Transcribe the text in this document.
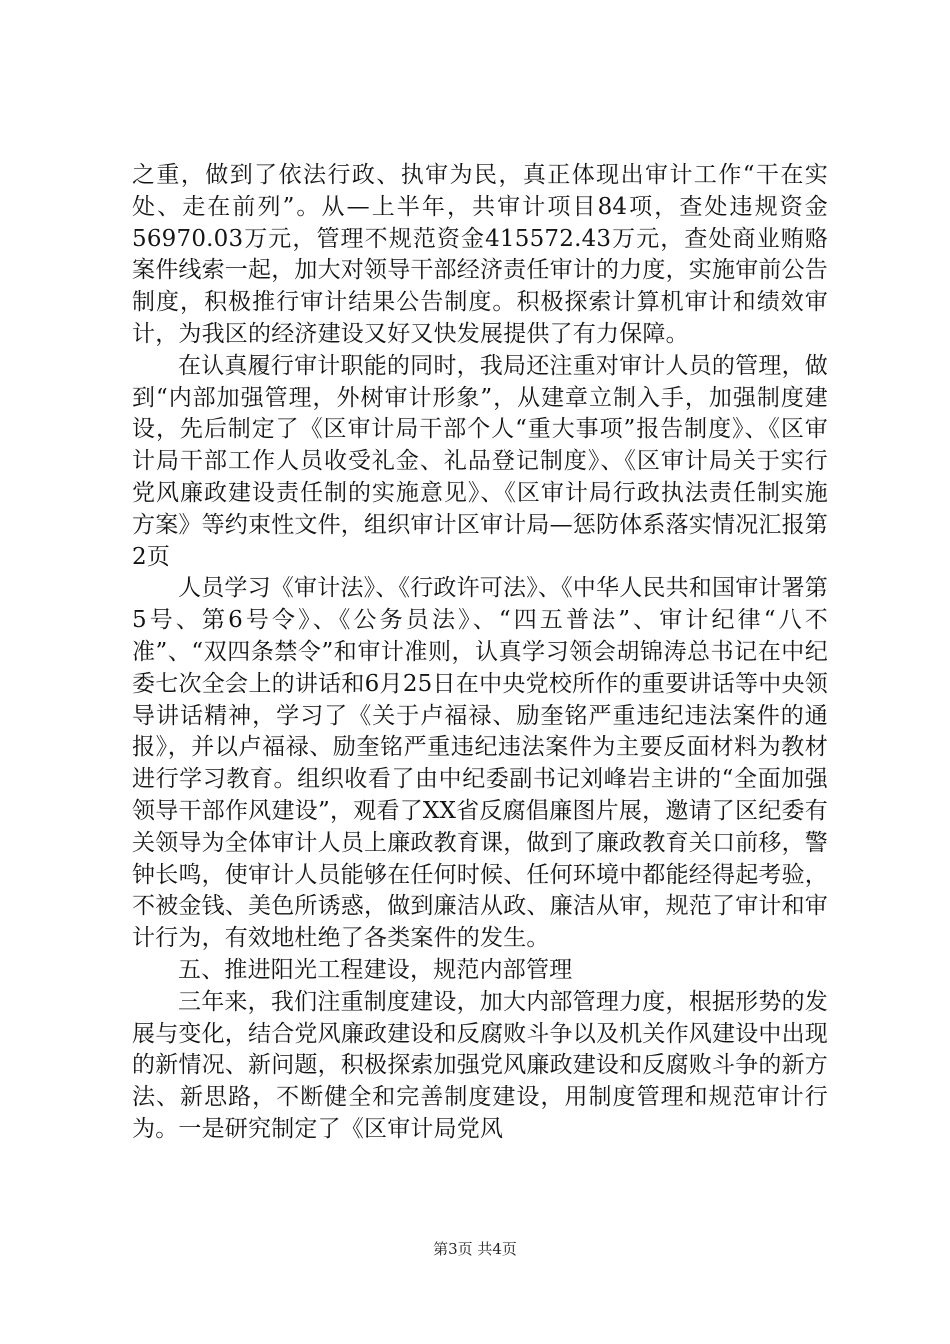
之重，做到了依法行政、执审为民，真正体现出审计工作“干在实处、走在前列”。从—上半年，共审计项目84项，查处违规资金56970.03万元，管理不规范资金415572.43万元，查处商业贿赂案件线索一起，加大对领导干部经济责任审计的力度，实施审前公告制度，积极推行审计结果公告制度。积极探索计算机审计和绩效审计，为我区的经济建设又好又快发展提供了有力保障。

在认真履行审计职能的同时，我局还注重对审计人员的管理，做到“内部加强管理，外树审计形象”，从建章立制入手，加强制度建设，先后制定了《区审计局干部个人“重大事项”报告制度》、《区审计局干部工作人员收受礼金、礼品登记制度》、《区审计局关于实行党风廉政建设责任制的实施意见》、《区审计局行政执法责任制实施方案》等约束性文件，组织审计区审计局—惩防体系落实情况汇报第2页

人员学习《审计法》、《行政许可法》、《中华人民共和国审计署第5号、第6号令》、《公务员法》、“四五普法”、审计纪律“八不准”、“双四条禁令”和审计准则，认真学习领会胡锦涛总书记在中纪委七次全会上的讲话和6月25日在中央党校所作的重要讲话等中央领导讲话精神，学习了《关于卢福禄、励奎铭严重违纪违法案件的通报》，并以卢福禄、励奎铭严重违纪违法案件为主要反面材料为教材进行学习教育。组织收看了由中纪委副书记刘峰岩主讲的“全面加强领导干部作风建设”，观看了XX省反腐倡廉图片展，邀请了区纪委有关领导为全体审计人员上廉政教育课，做到了廉政教育关口前移，警钟长鸣，使审计人员能够在任何时候、任何环境中都能经得起考验，不被金钱、美色所诱惑，做到廉洁从政、廉洁从审，规范了审计和审计行为，有效地杜绝了各类案件的发生。

五、推进阳光工程建设，规范内部管理

三年来，我们注重制度建设，加大内部管理力度，根据形势的发展与变化，结合党风廉政建设和反腐败斗争以及机关作风建设中出现的新情况、新问题，积极探索加强党风廉政建设和反腐败斗争的新方法、新思路，不断健全和完善制度建设，用制度管理和规范审计行为。一是研究制定了《区审计局党风

第3页 共4页
